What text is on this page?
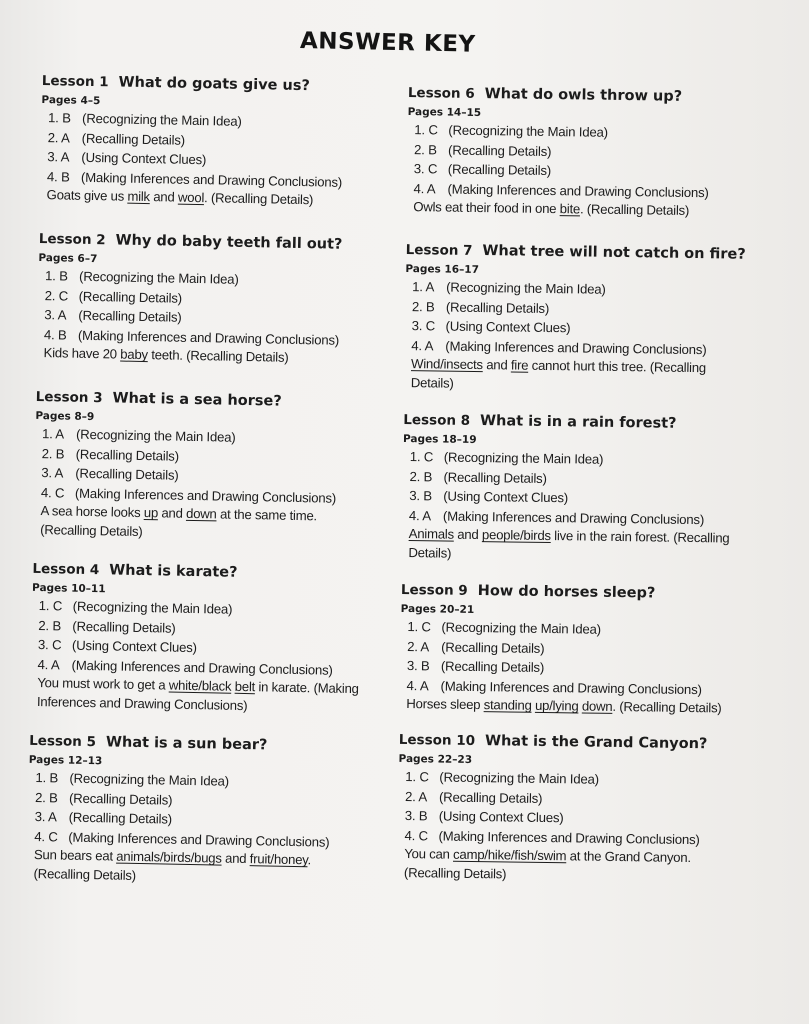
ANSWER KEY
Lesson 1 What do goats give us?
Pages 4–5
1. B (Recognizing the Main Idea)
2. A (Recalling Details)
3. A (Using Context Clues)
4. B (Making Inferences and Drawing Conclusions)
Goats give us milk and wool. (Recalling Details)
Lesson 2 Why do baby teeth fall out?
Pages 6–7
1. B (Recognizing the Main Idea)
2. C (Recalling Details)
3. A (Recalling Details)
4. B (Making Inferences and Drawing Conclusions)
Kids have 20 baby teeth. (Recalling Details)
Lesson 3 What is a sea horse?
Pages 8–9
1. A (Recognizing the Main Idea)
2. B (Recalling Details)
3. A (Recalling Details)
4. C (Making Inferences and Drawing Conclusions)
A sea horse looks up and down at the same time. (Recalling Details)
Lesson 4 What is karate?
Pages 10–11
1. C (Recognizing the Main Idea)
2. B (Recalling Details)
3. C (Using Context Clues)
4. A (Making Inferences and Drawing Conclusions)
You must work to get a white/black belt in karate. (Making Inferences and Drawing Conclusions)
Lesson 5 What is a sun bear?
Pages 12–13
1. B (Recognizing the Main Idea)
2. B (Recalling Details)
3. A (Recalling Details)
4. C (Making Inferences and Drawing Conclusions)
Sun bears eat animals/birds/bugs and fruit/honey. (Recalling Details)
Lesson 6 What do owls throw up?
Pages 14–15
1. C (Recognizing the Main Idea)
2. B (Recalling Details)
3. C (Recalling Details)
4. A (Making Inferences and Drawing Conclusions)
Owls eat their food in one bite. (Recalling Details)
Lesson 7 What tree will not catch on fire?
Pages 16–17
1. A (Recognizing the Main Idea)
2. B (Recalling Details)
3. C (Using Context Clues)
4. A (Making Inferences and Drawing Conclusions)
Wind/insects and fire cannot hurt this tree. (Recalling Details)
Lesson 8 What is in a rain forest?
Pages 18–19
1. C (Recognizing the Main Idea)
2. B (Recalling Details)
3. B (Using Context Clues)
4. A (Making Inferences and Drawing Conclusions)
Animals and people/birds live in the rain forest. (Recalling Details)
Lesson 9 How do horses sleep?
Pages 20–21
1. C (Recognizing the Main Idea)
2. A (Recalling Details)
3. B (Recalling Details)
4. A (Making Inferences and Drawing Conclusions)
Horses sleep standing up/lying down. (Recalling Details)
Lesson 10 What is the Grand Canyon?
Pages 22–23
1. C (Recognizing the Main Idea)
2. A (Recalling Details)
3. B (Using Context Clues)
4. C (Making Inferences and Drawing Conclusions)
You can camp/hike/fish/swim at the Grand Canyon. (Recalling Details)
